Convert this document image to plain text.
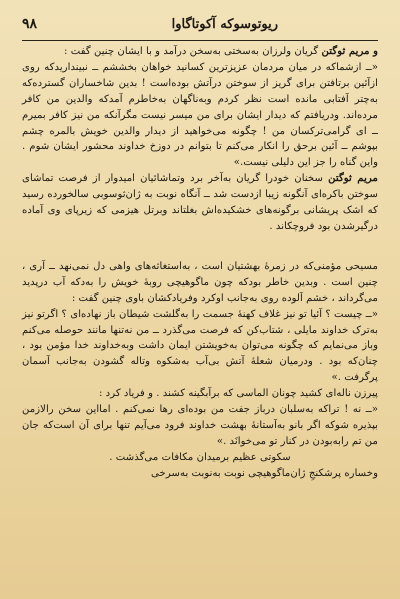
۹۸	ریوتوسوکه آکوتاگاوا

و مریم ثوگتن گریان ولرزان به‌سختی به‌سخن درآمد و با ایشان چنین گفت :

«ــ ازشماکه در میان مردمان عزیزترین کسانید خواهان بخششم ــ نبینداریدکه روی ازآئین برتافتن برای گریز از سوختن درآتش بوده‌است ! بدین شاخساران گسترده‌که به‌چتر آفتابی مانده است نظر کردم وبه‌ناگهان به‌خاطرم آمدکه والدین من کافر مرده‌اند. ودریافتم که دیدار ایشان برای من میسر نیست مگرآنکه من نیز کافر بمیرم ــ ای گرامی‌ترکسان من ! چگونه می‌خواهید از دیدار والدین خویش بالمره چشم بپوشم ــ آئین برحق را انکار می‌کنم تا بتوانم در دوزخ خداوند محشور ایشان شوم . واین گناه را جز این دلیلی نیست.»

مریم ثوگتن سخنان خودرا گریان به‌آخر برد وتماشائیان امیدوار از فرصت تماشای سوختن باکره‌ای آنگونه زیبا ازدست شد ــ آنگاه نوبت به ژان‌ثوسوبی سالخورده رسید که اشک پریشانی برگونه‌های خشکیده‌اش بغلتاند وبرتل هیزمی که زیرپای وی آماده درگیرشدن بود فروچکاند .

مسیحی مؤمنی‌که در زمرهٔ بهشتیان است ، به‌استغاثه‌های واهی دل نمی‌نهد ــ آری ، چنین است . وبدین خاطر بودکه چون ماگوهیچی روبهٔ خویش را به‌دکه آب درپدید می‌گرداند ، خشم آلوده روی به‌جانب اوکرد وفریادکشان باوی چنین گفت :

«ــ چیست ؟ آئیا تو نیز غلاف کهنهٔ جسمت را به‌گلشت شیطان باز نهاده‌ای ؟ اگرتو نیز به‌ترک خداوند مایلی ، شتاب‌کن که فرصت می‌گذرد ــ من نه‌تنها مانند حوصله می‌کنم وباز می‌نمایم که چگونه می‌توان به‌خویشتن ایمان داشت وبه‌خداوند خدا مؤمن بود ، چنان‌که بود . ودرمیان شعلهٔ آتش بی‌آب به‌شکوه وتاله گشودن به‌جانب آسمان پرگرفت .»

پیرزن ناله‌ای کشید چونان الماسی که برآبگینه کشند . و فریاد کرد :

«ــ نه ! تراکه به‌سلبان درباز جفت من بوده‌ای رها نمی‌کنم . امااین سخن رالازمن بپذیره شوکه اگر بانو به‌آستانهٔ بهشت خداوند فرود می‌آیم تنها برای آن است‌که جان من تم رابه‌بودن در کنار تو می‌خوانَد .»

سکوتی عظیم برمیدان مکافات می‌گذشت .

وخساره پرشکنجِ ژان‌ماگوهیچی نوبت به‌نوبت به‌سرخی
